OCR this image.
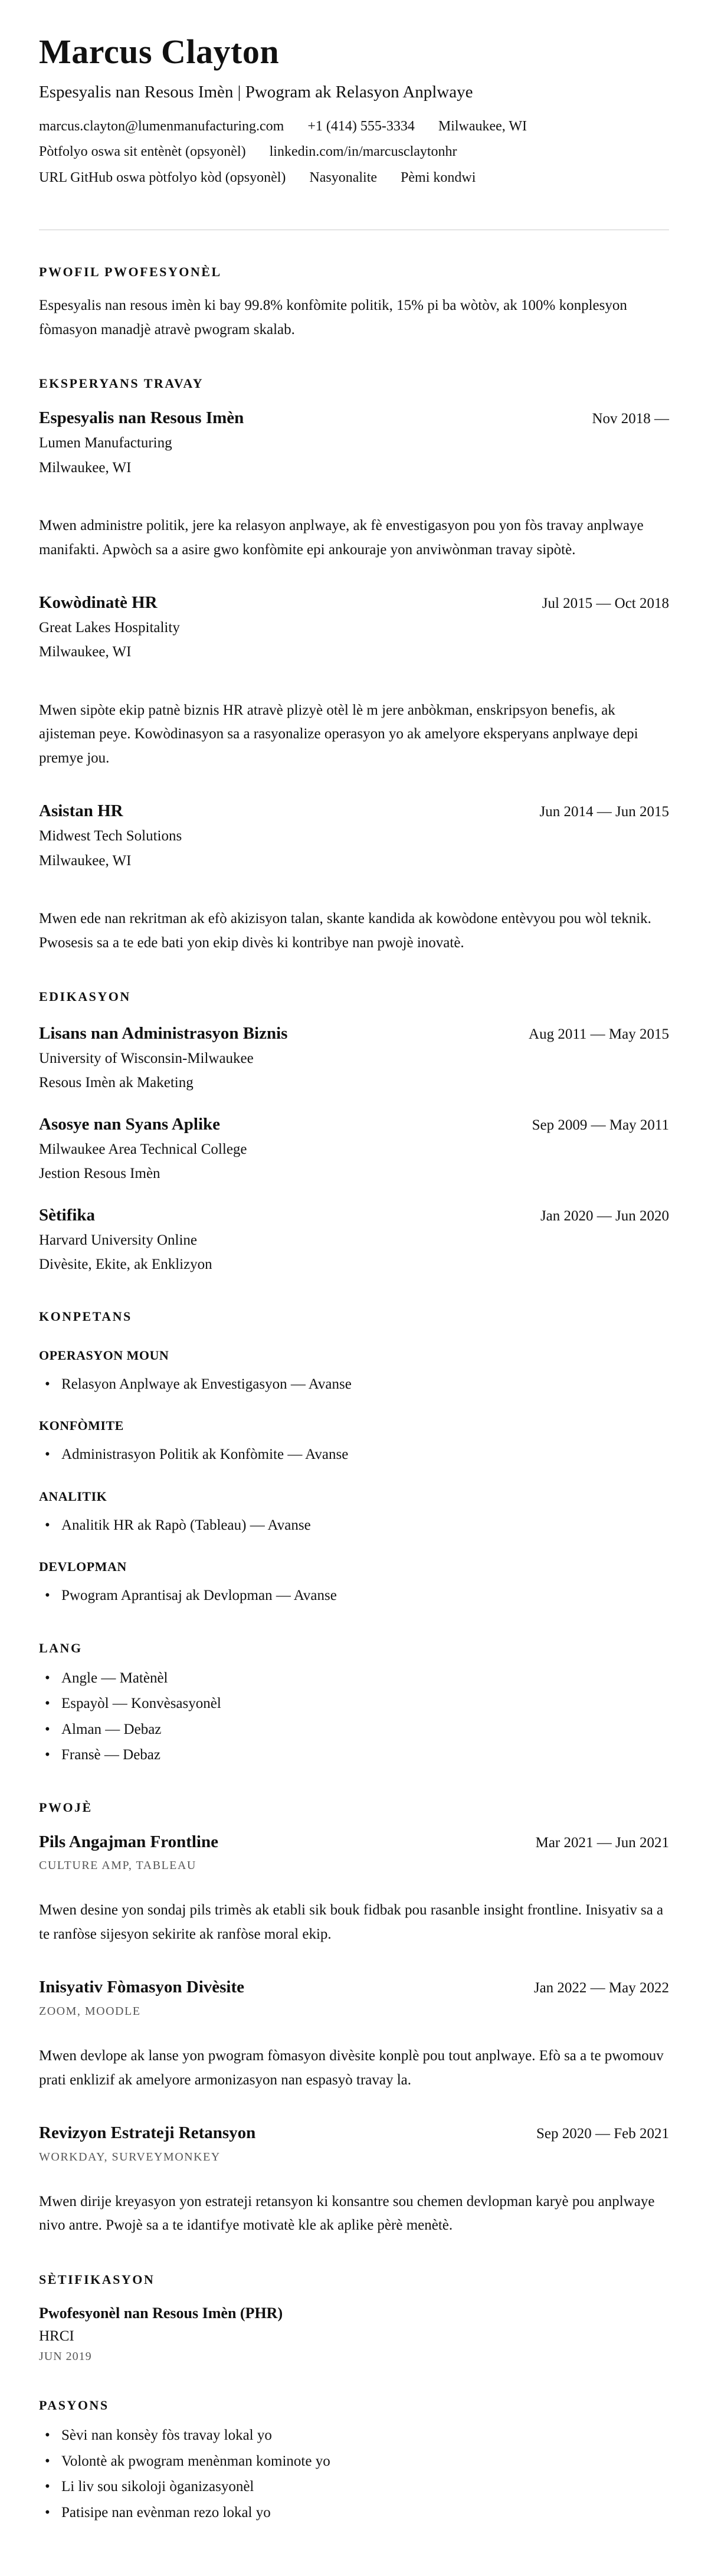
Marcus Clayton
Espesyalis nan Resous Imèn | Pwogram ak Relasyon Anplwaye
marcus.clayton@lumenmanufacturing.com +1 (414) 555-3334 Milwaukee, WI
Pòtfolyo oswa sit entènèt (opsyonèl) linkedin.com/in/marcusclaytonhr
URL GitHub oswa pòtfolyo kòd (opsyonèl) Nasyonalite Pèmi kondwi
PWOFIL PWOFESYONÈL

Espesyalis nan resous imèn ki bay 99.8% konfòmite politik, 15% pi ba wòtòv, ak 100% konplesyon fòmasyon manadjè atravè pwogram skalab.

EKSPERYANS TRAVAY
Espesyalis nan Resous Imèn	Nov 2018 —
Lumen Manufacturing
Milwaukee, WI

Mwen administre politik, jere ka relasyon anplwaye, ak fè envestigasyon pou yon fòs travay anplwaye manifakti. Apwòch sa a asire gwo konfòmite epi ankouraje yon anviwònman travay sipòtè.

Kowòdinatè HR	Jul 2015 — Oct 2018
Great Lakes Hospitality
Milwaukee, WI

Mwen sipòte ekip patnè biznis HR atravè plizyè otèl lè m jere anbòkman, enskripsyon benefis, ak ajisteman peye. Kowòdinasyon sa a rasyonalize operasyon yo ak amelyore eksperyans anplwaye depi premye jou.

Asistan HR	Jun 2014 — Jun 2015
Midwest Tech Solutions
Milwaukee, WI

Mwen ede nan rekritman ak efò akizisyon talan, skante kandida ak kowòdone entèvyou pou wòl teknik. Pwosesis sa a te ede bati yon ekip divès ki kontribye nan pwojè inovatè.

EDIKASYON
Lisans nan Administrasyon Biznis	Aug 2011 — May 2015
University of Wisconsin-Milwaukee
Resous Imèn ak Maketing
Asosye nan Syans Aplike	Sep 2009 — May 2011
Milwaukee Area Technical College
Jestion Resous Imèn
Sètifika	Jan 2020 — Jun 2020
Harvard University Online
Divèsite, Ekite, ak Enklizyon
KONPETANS
OPERASYON MOUN
• Relasyon Anplwaye ak Envestigasyon — Avanse
KONFÒMITE
• Administrasyon Politik ak Konfòmite — Avanse
ANALITIK
• Analitik HR ak Rapò (Tableau) — Avanse
DEVLOPMAN
• Pwogram Aprantisaj ak Devlopman — Avanse
LANG
• Angle — Matènèl
• Espayòl — Konvèsasyonèl
• Alman — Debaz
• Fransè — Debaz
PWOJÈ
Pils Angajman Frontline	Mar 2021 — Jun 2021
CULTURE AMP, TABLEAU

Mwen desine yon sondaj pils trimès ak etabli sik bouk fidbak pou rasanble insight frontline. Inisyativ sa a te ranfòse sijesyon sekirite ak ranfòse moral ekip.

Inisyativ Fòmasyon Divèsite	Jan 2022 — May 2022
ZOOM, MOODLE

Mwen devlope ak lanse yon pwogram fòmasyon divèsite konplè pou tout anplwaye. Efò sa a te pwomouv prati enklizif ak amelyore armonizasyon nan espasyò travay la.

Revizyon Estrateji Retansyon	Sep 2020 — Feb 2021
WORKDAY, SURVEYMONKEY

Mwen dirije kreyasyon yon estrateji retansyon ki konsantre sou chemen devlopman karyè pou anplwaye nivo antre. Pwojè sa a te idantifye motivatè kle ak aplike pèrè menètè.

SÈTIFIKASYON
Pwofesyonèl nan Resous Imèn (PHR)
HRCI
JUN 2019
PASYONS
• Sèvi nan konsèy fòs travay lokal yo
• Volontè ak pwogram menènman kominote yo
• Li liv sou sikoloji òganizasyonèl
• Patisipe nan evènman rezo lokal yo
